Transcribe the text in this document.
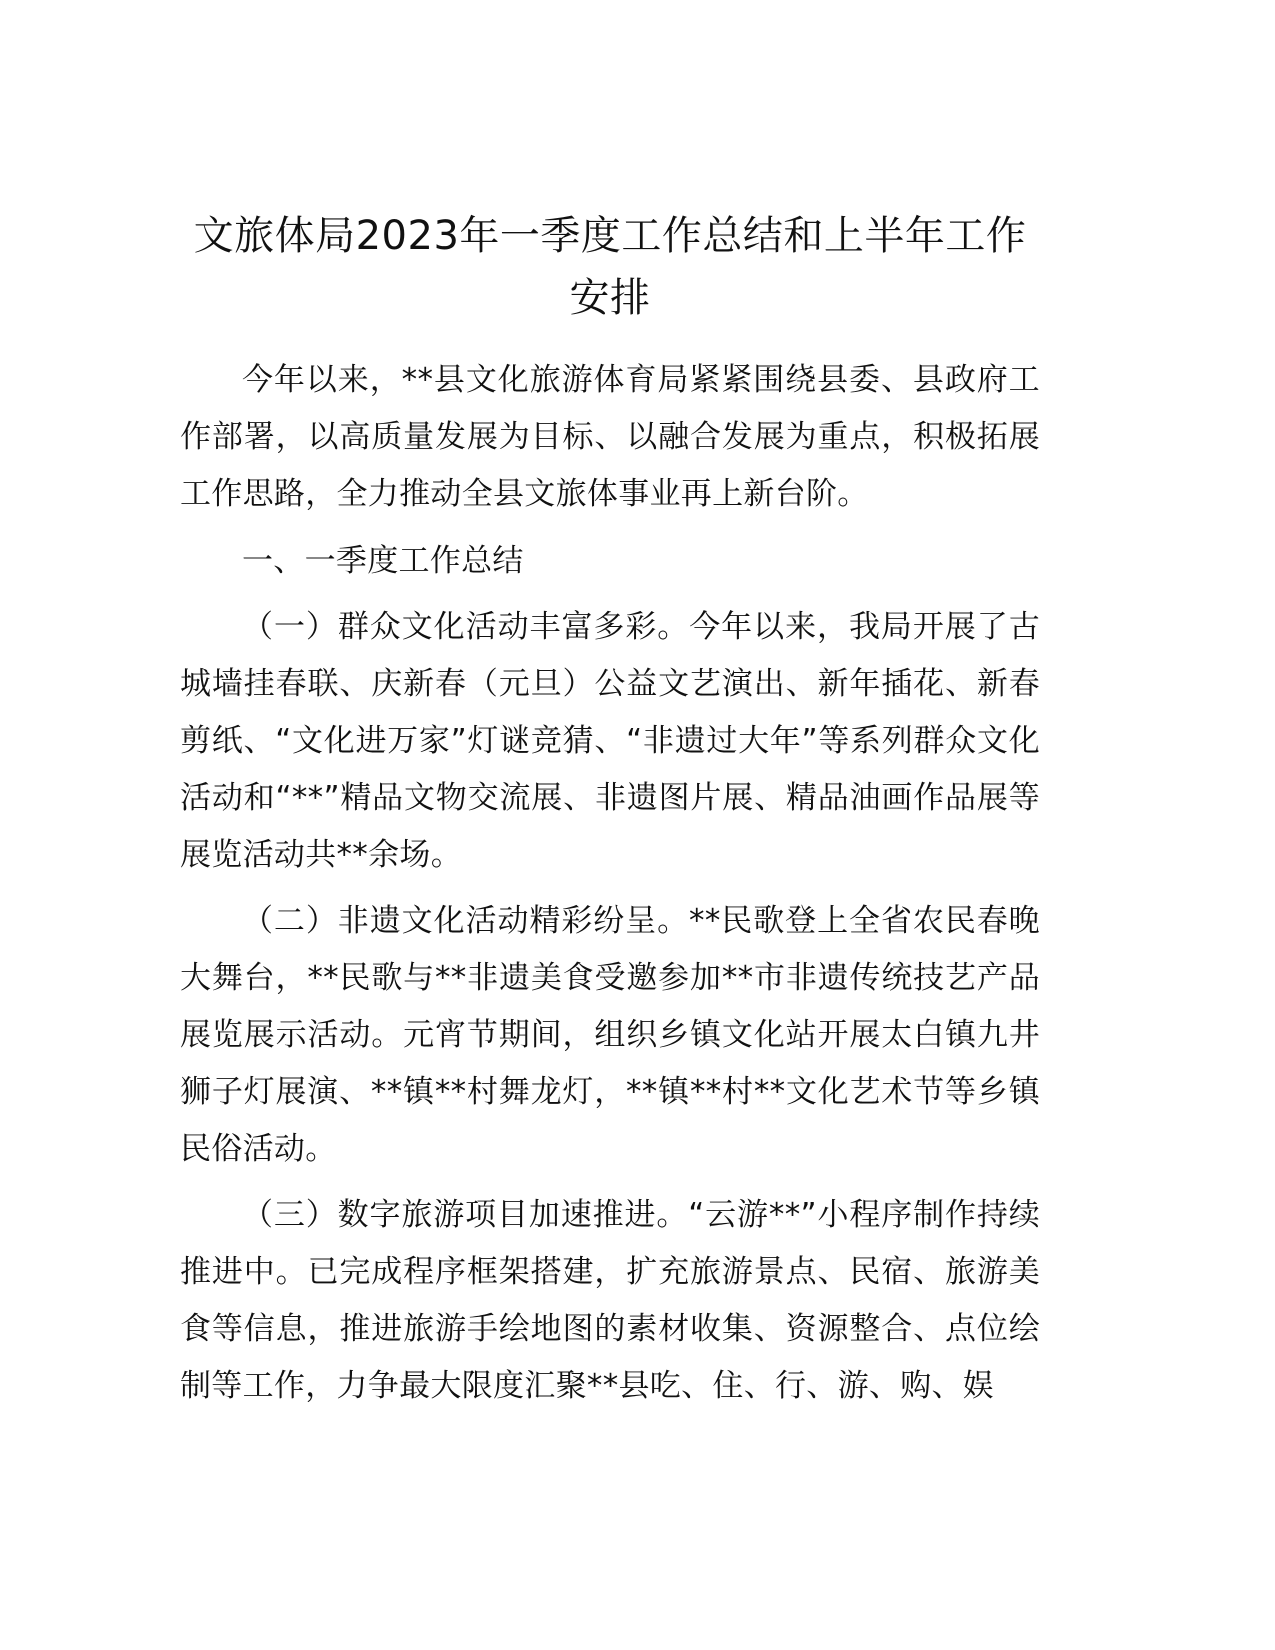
文旅体局2023年一季度工作总结和上半年工作安排

今年以来，**县文化旅游体育局紧紧围绕县委、县政府工作部署，以高质量发展为目标、以融合发展为重点，积极拓展工作思路，全力推动全县文旅体事业再上新台阶。

一、一季度工作总结

（一）群众文化活动丰富多彩。今年以来，我局开展了古城墙挂春联、庆新春（元旦）公益文艺演出、新年插花、新春剪纸、“文化进万家”灯谜竞猜、“非遗过大年”等系列群众文化活动和“**”精品文物交流展、非遗图片展、精品油画作品展等展览活动共**余场。

（二）非遗文化活动精彩纷呈。**民歌登上全省农民春晚大舞台，**民歌与**非遗美食受邀参加**市非遗传统技艺产品展览展示活动。元宵节期间，组织乡镇文化站开展太白镇九井狮子灯展演、**镇**村舞龙灯，**镇**村**文化艺术节等乡镇民俗活动。

（三）数字旅游项目加速推进。“云游**”小程序制作持续推进中。已完成程序框架搭建，扩充旅游景点、民宿、旅游美食等信息，推进旅游手绘地图的素材收集、资源整合、点位绘制等工作，力争最大限度汇聚**县吃、住、行、游、购、娱
